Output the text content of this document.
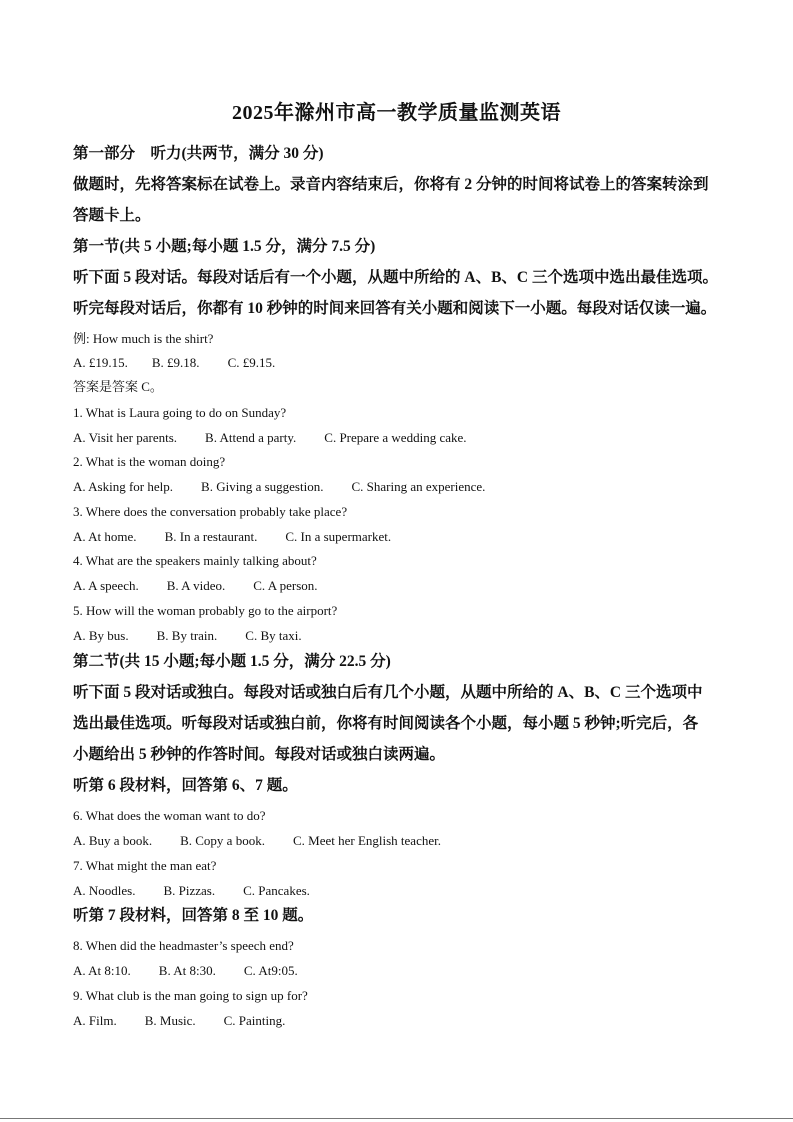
2025年滁州市高一教学质量监测英语
第一部分　听力(共两节，满分 30 分)
做题时，先将答案标在试卷上。录音内容结束后，你将有 2 分钟的时间将试卷上的答案转涂到
答题卡上。
第一节(共 5 小题;每小题 1.5 分，满分 7.5 分)
听下面 5 段对话。每段对话后有一个小题，从题中所给的 A、B、C 三个选项中选出最佳选项。
听完每段对话后，你都有 10 秒钟的时间来回答有关小题和阅读下一小题。每段对话仅读一遍。
例: How much is the shirt?
A. £19.15. B. £9.18. C. £9.15.
答案是答案 C。
1. What is Laura going to do on Sunday?
A. Visit her parents. B. Attend a party. C. Prepare a wedding cake.
2. What is the woman doing?
A. Asking for help. B. Giving a suggestion. C. Sharing an experience.
3. Where does the conversation probably take place?
A. At home. B. In a restaurant. C. In a supermarket.
4. What are the speakers mainly talking about?
A. A speech. B. A video. C. A person.
5. How will the woman probably go to the airport?
A. By bus. B. By train. C. By taxi.
第二节(共 15 小题;每小题 1.5 分，满分 22.5 分)
听下面 5 段对话或独白。每段对话或独白后有几个小题，从题中所给的 A、B、C 三个选项中
选出最佳选项。听每段对话或独白前，你将有时间阅读各个小题，每小题 5 秒钟;听完后，各
小题给出 5 秒钟的作答时间。每段对话或独白读两遍。
听第 6 段材料，回答第 6、7 题。
6. What does the woman want to do?
A. Buy a book. B. Copy a book. C. Meet her English teacher.
7. What might the man eat?
A. Noodles. B. Pizzas. C. Pancakes.
听第 7 段材料，回答第 8 至 10 题。
8. When did the headmaster’s speech end?
A. At 8:10. B. At 8:30. C. At9:05.
9. What club is the man going to sign up for?
A. Film. B. Music. C. Painting.
